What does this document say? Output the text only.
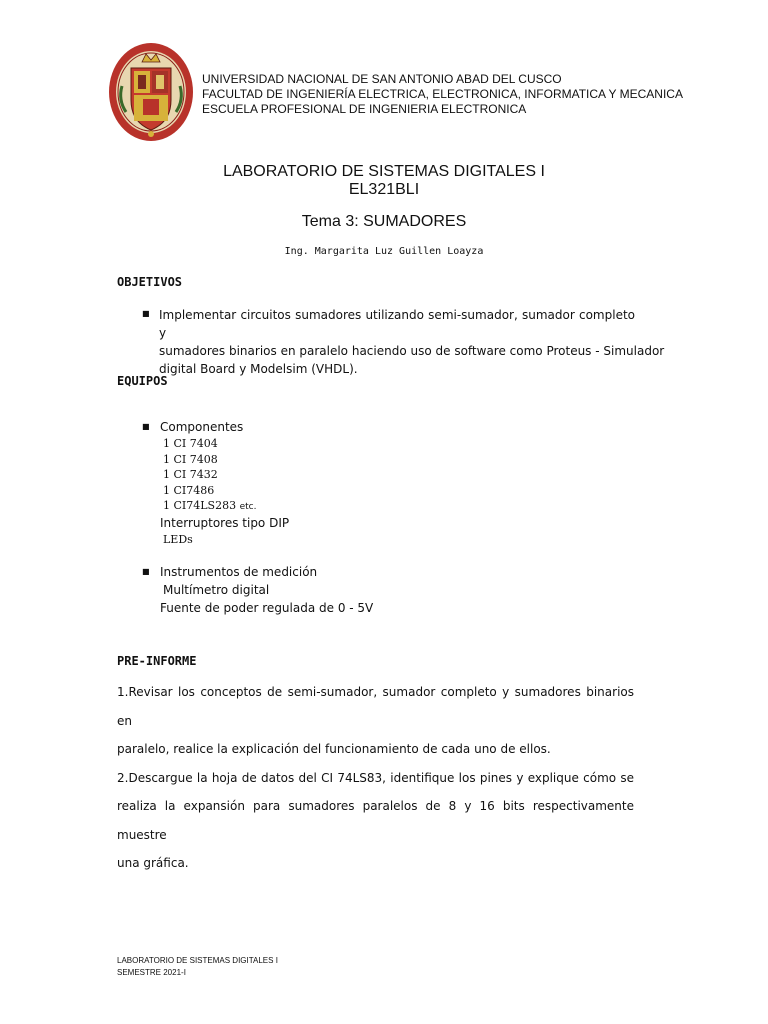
UNIVERSIDAD NACIONAL DE SAN ANTONIO ABAD DEL CUSCO
FACULTAD DE INGENIERÍA ELECTRICA, ELECTRONICA, INFORMATICA Y MECANICA
ESCUELA PROFESIONAL DE INGENIERIA ELECTRONICA
LABORATORIO DE SISTEMAS DIGITALES I
EL321BLI
Tema 3: SUMADORES
Ing. Margarita Luz Guillen Loayza
OBJETIVOS
■ Implementar circuitos sumadores utilizando semi-sumador, sumador completo y
sumadores binarios en paralelo haciendo uso de software como Proteus - Simulador
digital Board y Modelsim (VHDL).
EQUIPOS
■ Componentes
1 CI 7404
1 CI 7408
1 CI 7432
1 CI7486
1 CI74LS283 etc.
Interruptores tipo DIP
LEDs
■ Instrumentos de medición
Multímetro digital
Fuente de poder regulada de 0 - 5V
PRE-INFORME
1.Revisar los conceptos de semi-sumador, sumador completo y sumadores binarios en
paralelo, realice la explicación del funcionamiento de cada uno de ellos.
2.Descargue la hoja de datos del CI 74LS83, identifique los pines y explique cómo se
realiza la expansión para sumadores paralelos de 8 y 16 bits respectivamente muestre
una gráfica.
LABORATORIO DE SISTEMAS DIGITALES I
SEMESTRE 2021-I
